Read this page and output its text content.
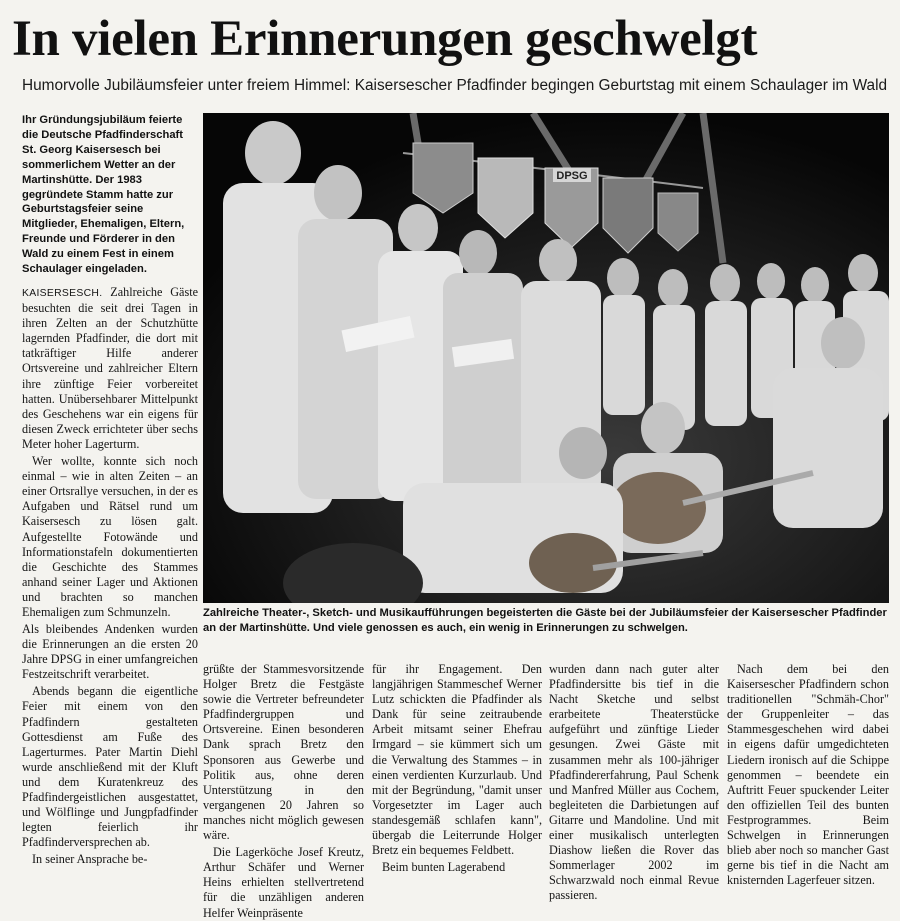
In vielen Erinnerungen geschwelgt
Humorvolle Jubiläumsfeier unter freiem Himmel: Kaisersescher Pfadfinder begingen Geburtstag mit einem Schaulager im Wald
Ihr Gründungsjubiläum feierte die Deutsche Pfadfinderschaft St. Georg Kaisersesch bei sommerlichem Wetter an der Martinshütte. Der 1983 gegründete Stamm hatte zur Geburtstagsfeier seine Mitglieder, Ehemaligen, Eltern, Freunde und Förderer in den Wald zu einem Fest in einem Schaulager eingeladen.

KAISERSESCH. Zahlreiche Gäste besuchten die seit drei Tagen in ihren Zelten an der Schutzhütte lagernden Pfadfinder, die dort mit tatkräftiger Hilfe anderer Ortsvereine und zahlreicher Eltern ihre zünftige Feier vorbereitet hatten. Unübersehbarer Mittelpunkt des Geschehens war ein eigens für diesen Zweck errichteter über sechs Meter hoher Lagerturm.

Wer wollte, konnte sich noch einmal – wie in alten Zeiten – an einer Ortsrallye versuchen, in der es Aufgaben und Rätsel rund um Kaisersesch zu lösen galt. Aufgestellte Fotowände und Informationstafeln dokumentierten die Geschichte des Stammes anhand seiner Lager und Aktionen und brachten so manchen Ehemaligen zum Schmunzeln.

Als bleibendes Andenken wurden die Erinnerungen an die ersten 20 Jahre DPSG in einer umfangreichen Festzeitschrift verarbeitet.

Abends begann die eigentliche Feier mit einem von den Pfadfindern gestalteten Gottesdienst am Fuße des Lagerturmes. Pater Martin Diehl wurde anschließend mit der Kluft und dem Kuratenkreuz des Pfadfindergeistlichen ausgestattet, und Wölflinge und Jungpfadfinder legten feierlich ihr Pfadfinderversprechen ab.

In seiner Ansprache be-

DPSG
Zahlreiche Theater-, Sketch- und Musikaufführungen begeisterten die Gäste bei der Jubiläumsfeier der Kaisersescher Pfadfinder an der Martinshütte. Und viele genossen es auch, ein wenig in Erinnerungen zu schwelgen.

grüßte der Stammesvorsitzende Holger Bretz die Festgäste sowie die Vertreter befreundeter Pfadfindergruppen und Ortsvereine. Einen besonderen Dank sprach Bretz den Sponsoren aus Gewerbe und Politik aus, ohne deren Unterstützung in den vergangenen 20 Jahren so manches nicht möglich gewesen wäre.

Die Lagerköche Josef Kreutz, Arthur Schäfer und Werner Heins erhielten stellvertretend für die unzähligen anderen Helfer Weinpräsente

für ihr Engagement. Den langjährigen Stammeschef Werner Lutz schickten die Pfadfinder als Dank für seine zeitraubende Arbeit mitsamt seiner Ehefrau Irmgard – sie kümmert sich um die Verwaltung des Stammes – in einen verdienten Kurzurlaub. Und mit der Begründung, "damit unser Vorgesetzter im Lager auch standesgemäß schlafen kann", übergab die Leiterrunde Holger Bretz ein bequemes Feldbett.

Beim bunten Lagerabend

wurden dann nach guter alter Pfadfindersitte bis tief in die Nacht Sketche und selbst erarbeitete Theaterstücke aufgeführt und zünftige Lieder gesungen. Zwei Gäste mit zusammen mehr als 100-jähriger Pfadfindererfahrung, Paul Schenk und Manfred Müller aus Cochem, begleiteten die Darbietungen auf Gitarre und Mandoline. Und mit einer musikalisch unterlegten Diashow ließen die Rover das Sommerlager 2002 im Schwarzwald noch einmal Revue passieren.

Nach dem bei den Kaisersescher Pfadfindern schon traditionellen "Schmäh-Chor" der Gruppenleiter – das Stammesgeschehen wird dabei in eigens dafür umgedichteten Liedern ironisch auf die Schippe genommen – beendete ein Auftritt Feuer spuckender Leiter den offiziellen Teil des bunten Festprogrammes. Beim Schwelgen in Erinnerungen blieb aber noch so mancher Gast gerne bis tief in die Nacht am knisternden Lagerfeuer sitzen.
